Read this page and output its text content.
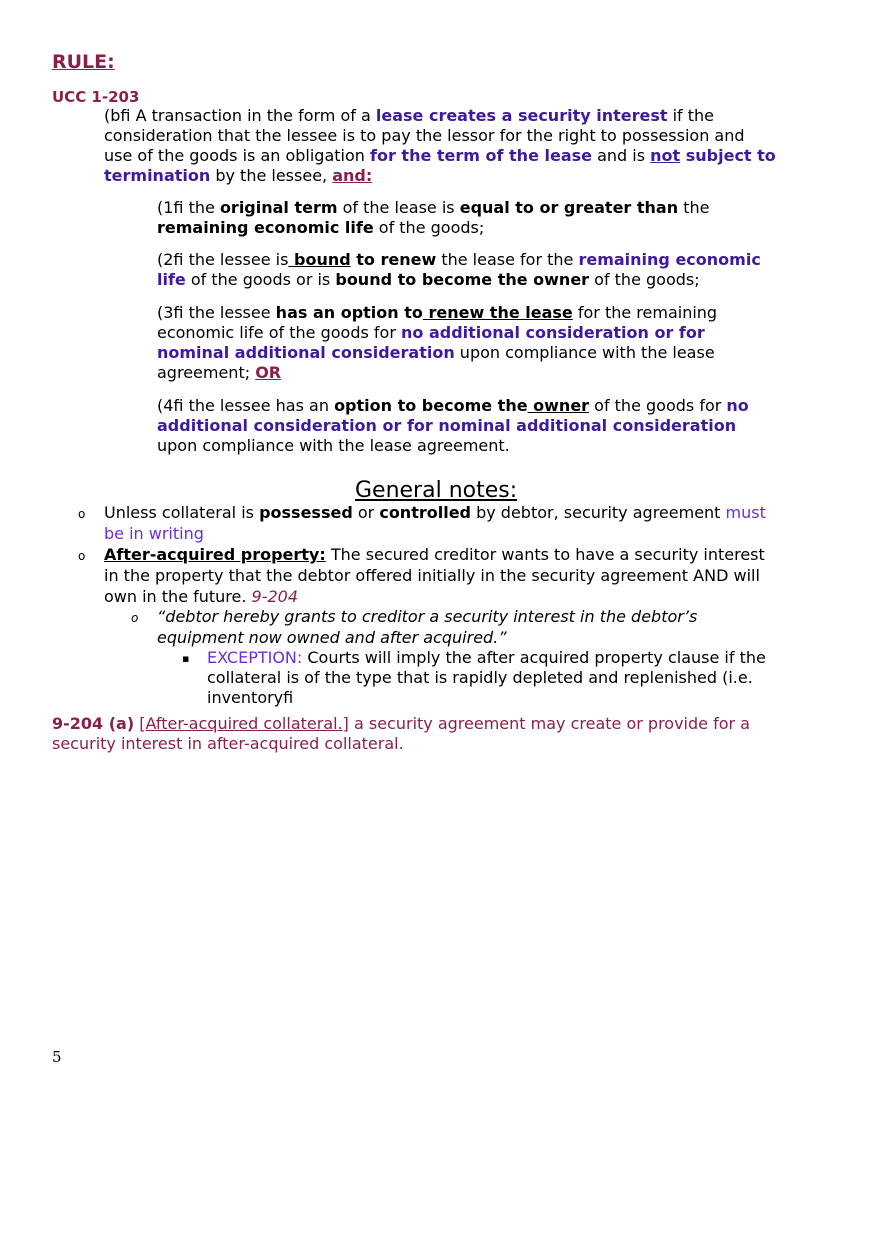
RULE:
UCC 1-203
(bfi A transaction in the form of a lease creates a security interest if the
consideration that the lessee is to pay the lessor for the right to possession and
use of the goods is an obligation for the term of the lease and is not subject to
termination by the lessee, and:
(1fi the original term of the lease is equal to or greater than the
remaining economic life of the goods;
(2fi the lessee is bound to renew the lease for the remaining economic
life of the goods or is bound to become the owner of the goods;
(3fi the lessee has an option to renew the lease for the remaining
economic life of the goods for no additional consideration or for
nominal additional consideration upon compliance with the lease
agreement; OR
(4fi the lessee has an option to become the owner of the goods for no
additional consideration or for nominal additional consideration
upon compliance with the lease agreement.
General notes:
o Unless collateral is possessed or controlled by debtor, security agreement must
be in writing
o After-acquired property: The secured creditor wants to have a security interest
in the property that the debtor offered initially in the security agreement AND will
own in the future. 9-204
o “debtor hereby grants to creditor a security interest in the debtor’s
equipment now owned and after acquired.”
▪ EXCEPTION: Courts will imply the after acquired property clause if the
collateral is of the type that is rapidly depleted and replenished (i.e.
inventoryfi
9-204 (a) [After-acquired collateral.] a security agreement may create or provide for a
security interest in after-acquired collateral.
5
